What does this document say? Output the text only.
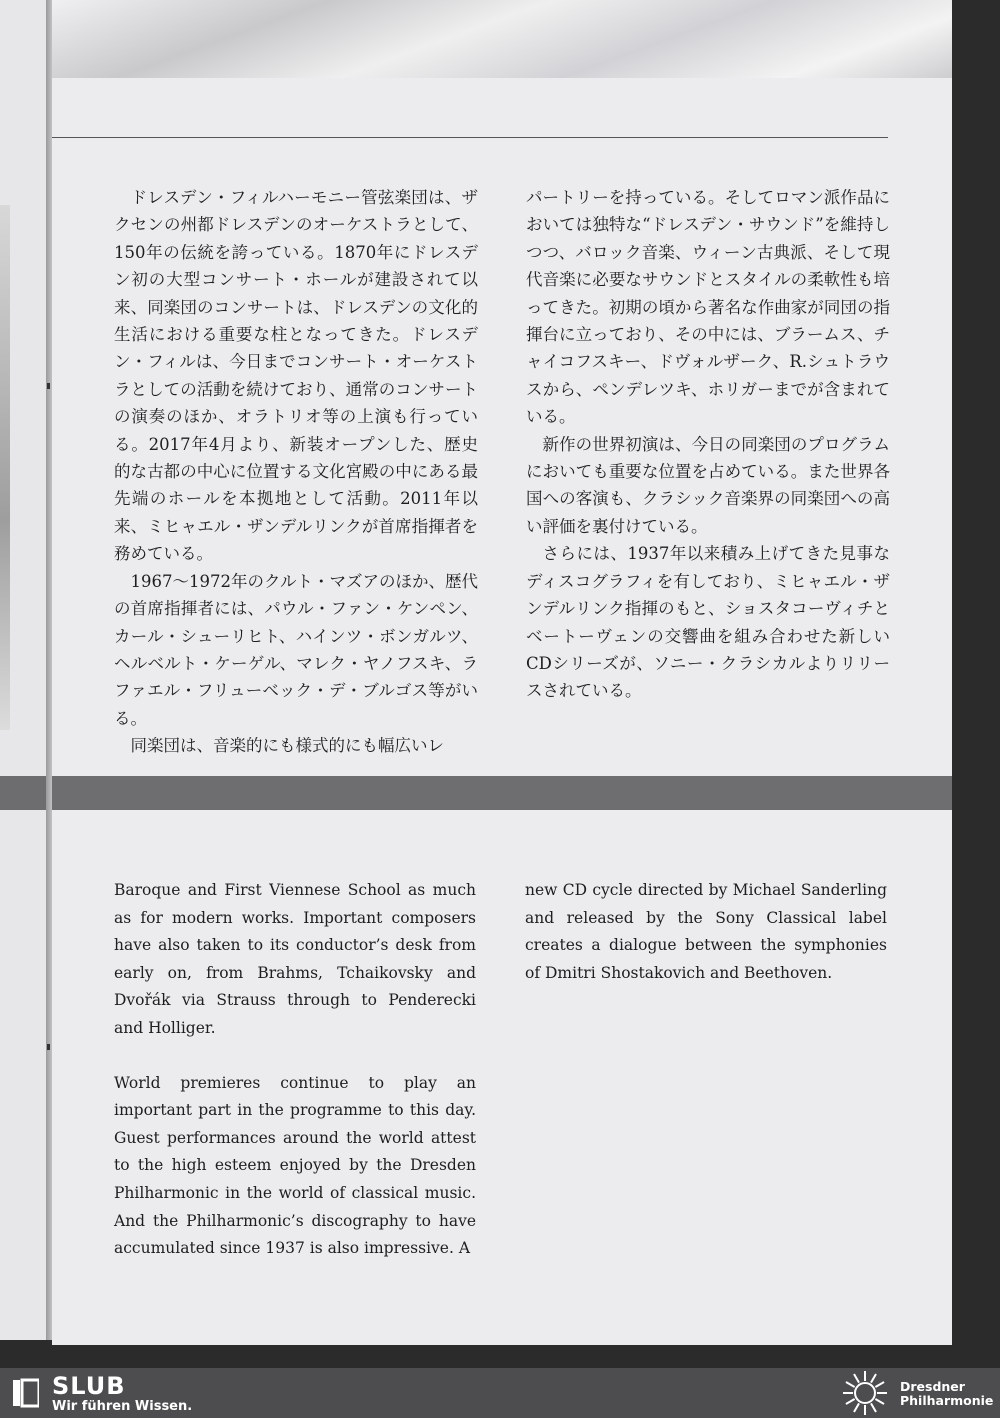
ドレスデン・フィルハーモニー管弦楽団は、ザクセンの州都ドレスデンのオーケストラとして、150年の伝統を誇っている。1870年にドレスデン初の大型コンサート・ホールが建設されて以来、同楽団のコンサートは、ドレスデンの文化的生活における重要な柱となってきた。ドレスデン・フィルは、今日までコンサート・オーケストラとしての活動を続けており、通常のコンサートの演奏のほか、オラトリオ等の上演も行っている。2017年4月より、新装オープンした、歴史的な古都の中心に位置する文化宮殿の中にある最先端のホールを本拠地として活動。2011年以来、ミヒャエル・ザンデルリンクが首席指揮者を務めている。

1967～1972年のクルト・マズアのほか、歴代の首席指揮者には、パウル・ファン・ケンペン、カール・シューリヒト、ハインツ・ボンガルツ、ヘルベルト・ケーゲル、マレク・ヤノフスキ、ラファエル・フリューベック・デ・ブルゴス等がいる。

同楽団は、音楽的にも様式的にも幅広いレ

パートリーを持っている。そしてロマン派作品においては独特な“ドレスデン・サウンド”を維持しつつ、バロック音楽、ウィーン古典派、そして現代音楽に必要なサウンドとスタイルの柔軟性も培ってきた。初期の頃から著名な作曲家が同団の指揮台に立っており、その中には、ブラームス、チャイコフスキー、ドヴォルザーク、R.シュトラウスから、ペンデレツキ、ホリガーまでが含まれている。

新作の世界初演は、今日の同楽団のプログラムにおいても重要な位置を占めている。また世界各国への客演も、クラシック音楽界の同楽団への高い評価を裏付けている。

さらには、1937年以来積み上げてきた見事なディスコグラフィを有しており、ミヒャエル・ザンデルリンク指揮のもと、ショスタコーヴィチとベートーヴェンの交響曲を組み合わせた新しいCDシリーズが、ソニー・クラシカルよりリリースされている。

Baroque and First Viennese School as much as for modern works. Important composers have also taken to its conductor’s desk from early on, from Brahms, Tchaikovsky and Dvořák via Strauss through to Penderecki and Holliger.

World premieres continue to play an important part in the programme to this day. Guest performances around the world attest to the high esteem enjoyed by the Dresden Philharmonic in the world of classical music. And the Philharmonic’s discography to have accumulated since 1937 is also impressive. A

new CD cycle directed by Michael Sanderling and released by the Sony Classical label creates a dialogue between the symphonies of Dmitri Shostakovich and Beethoven.

SLUB
Wir führen Wissen.
Dresdner
Philharmonie
